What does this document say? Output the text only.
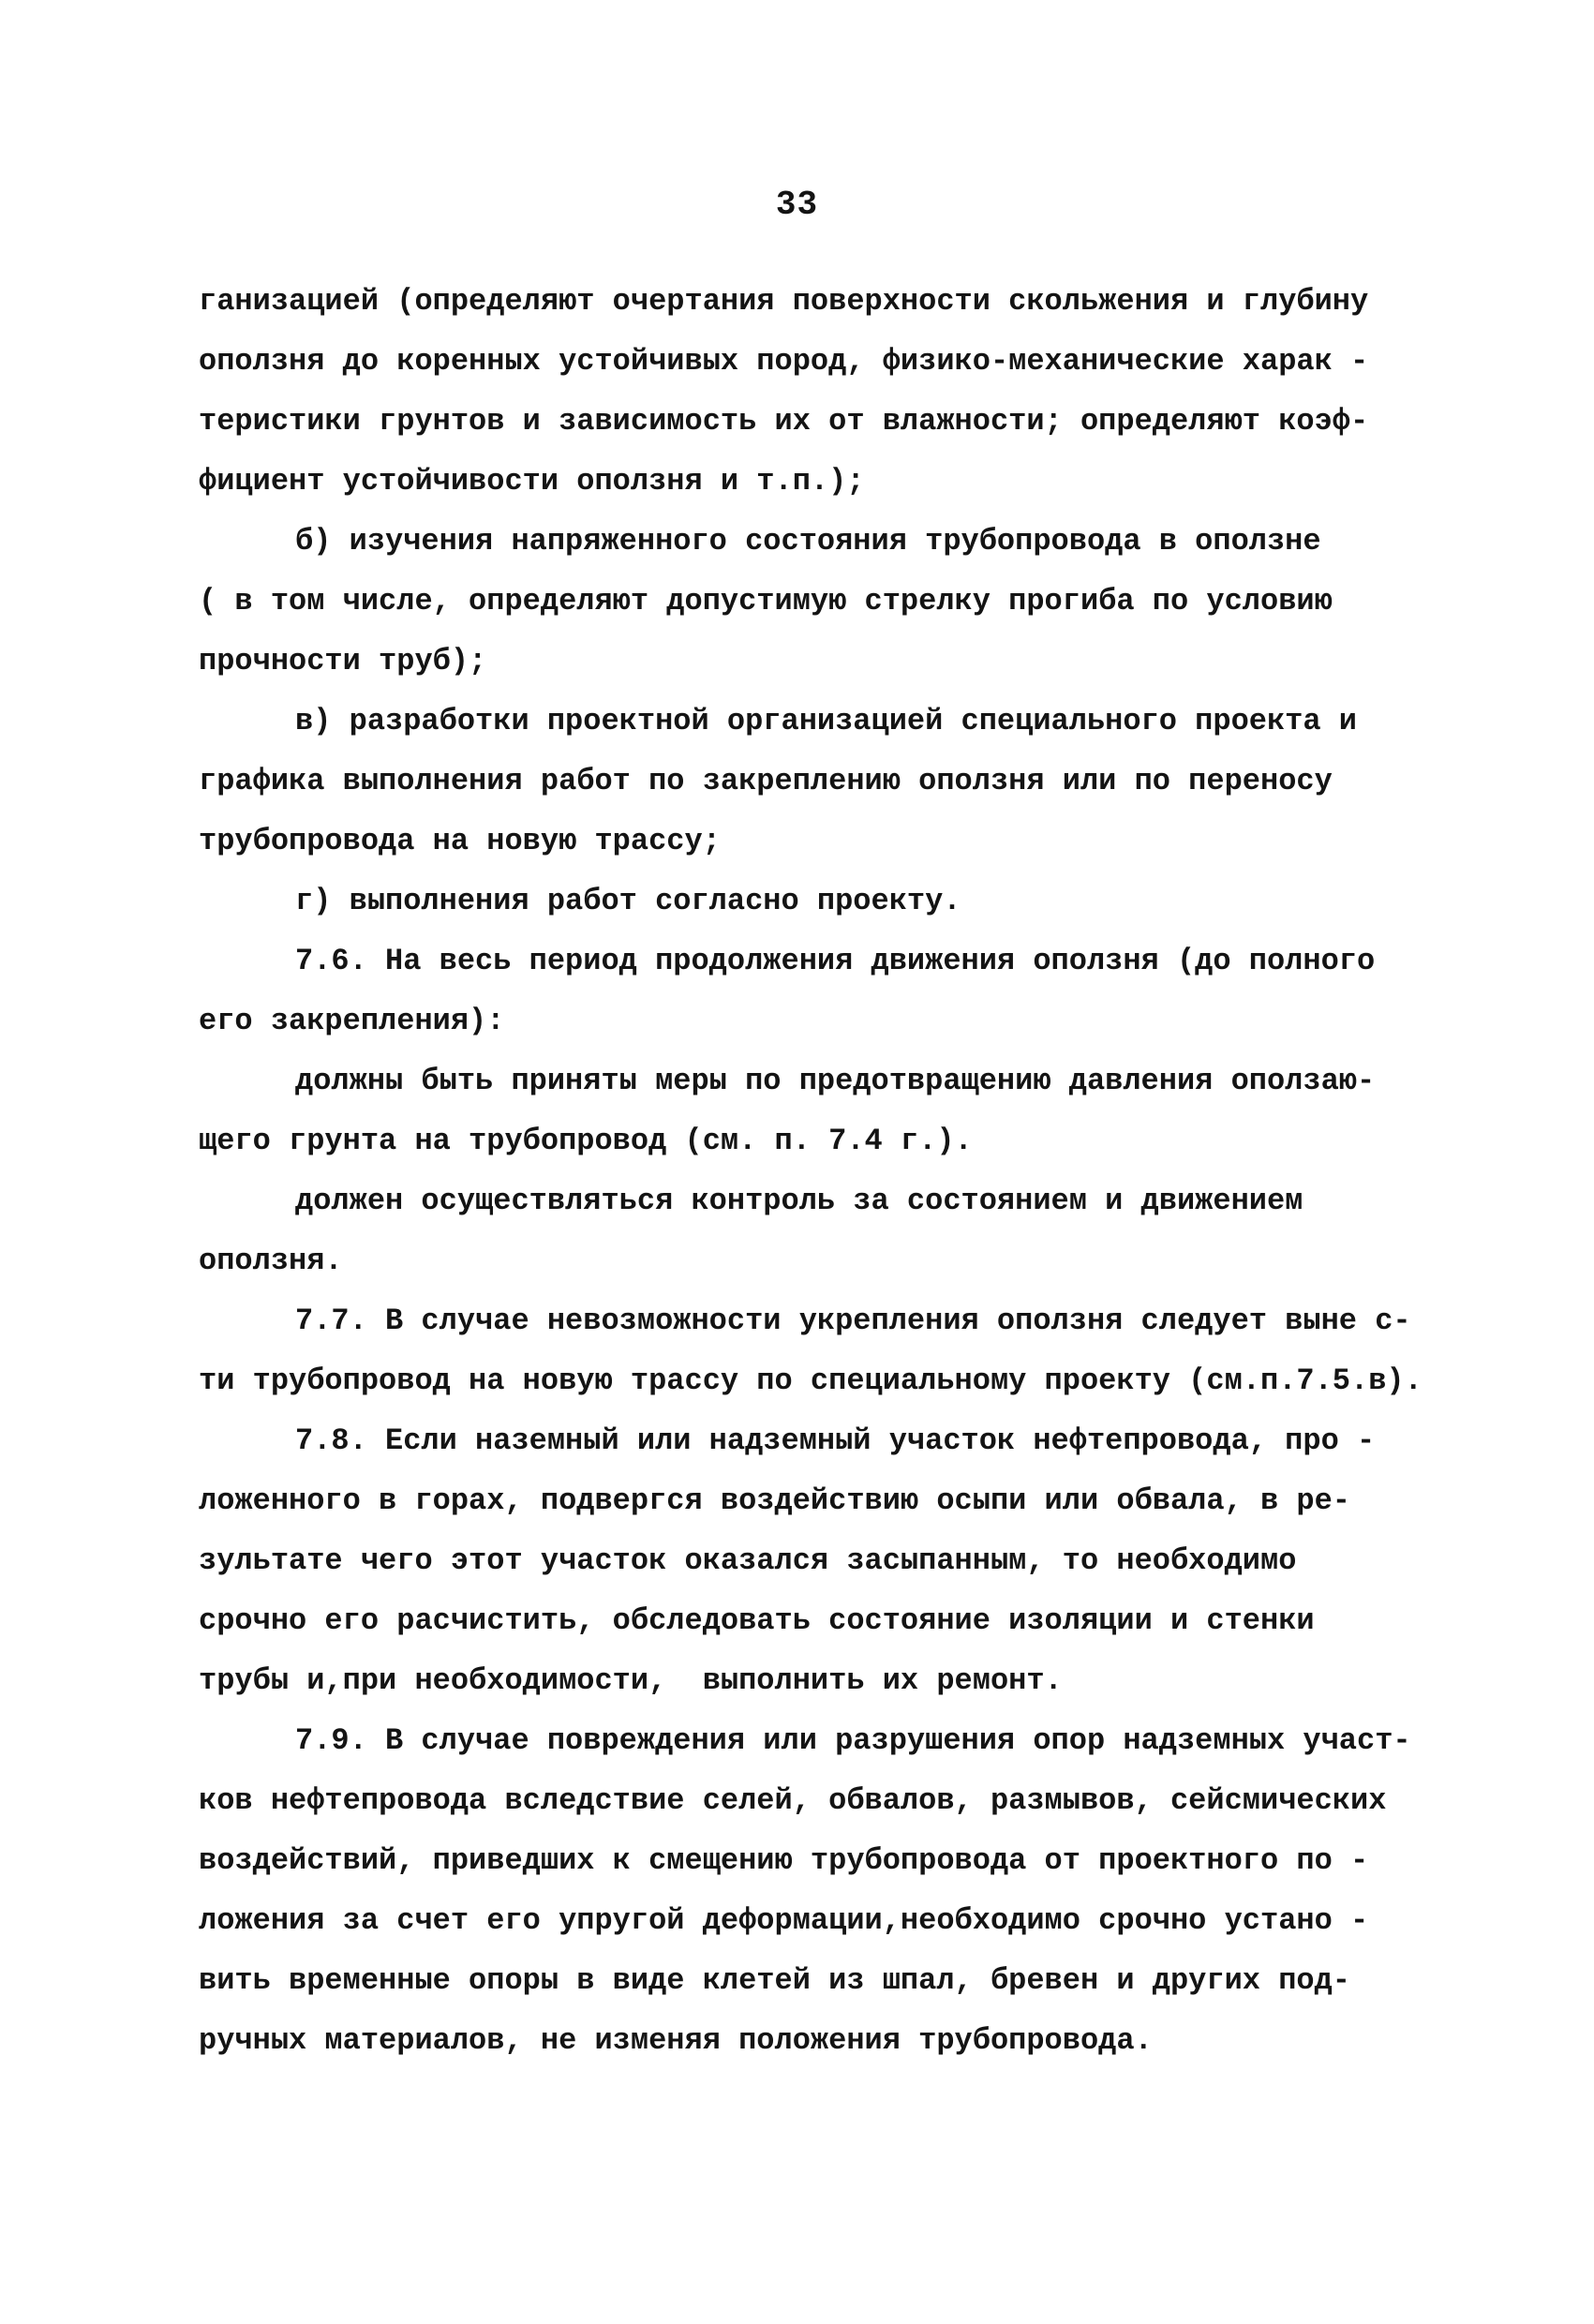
33
ганизацией (определяют очертания поверхности скольжения и глубину
оползня до коренных устойчивых пород, физико-механические харак -
теристики грунтов и зависимость их от влажности; определяют коэф-
фициент устойчивости оползня и т.п.);
б) изучения напряженного состояния трубопровода в оползне
( в том числе, определяют допустимую стрелку прогиба по условию
прочности труб);
в) разработки проектной организацией специального проекта и
графика выполнения работ по закреплению оползня или по переносу
трубопровода на новую трассу;
г) выполнения работ согласно проекту.
7.6. На весь период продолжения движения оползня (до полного
его закрепления):
должны быть приняты меры по предотвращению давления оползаю-
щего грунта на трубопровод (см. п. 7.4 г.).
должен осуществляться контроль за состоянием и движением
оползня.
7.7. В случае невозможности укрепления оползня следует выне с-
ти трубопровод на новую трассу по специальному проекту (см.п.7.5.в).
7.8. Если наземный или надземный участок нефтепровода, про -
ложенного в горах, подвергся воздействию осыпи или обвала, в ре-
зультате чего этот участок оказался засыпанным, то необходимо
срочно его расчистить, обследовать состояние изоляции и стенки
трубы и,при необходимости,  выполнить их ремонт.
7.9. В случае повреждения или разрушения опор надземных участ-
ков нефтепровода вследствие селей, обвалов, размывов, сейсмических
воздействий, приведших к смещению трубопровода от проектного по -
ложения за счет его упругой деформации,необходимо срочно устано -
вить временные опоры в виде клетей из шпал, бревен и других под-
ручных материалов, не изменяя положения трубопровода.
